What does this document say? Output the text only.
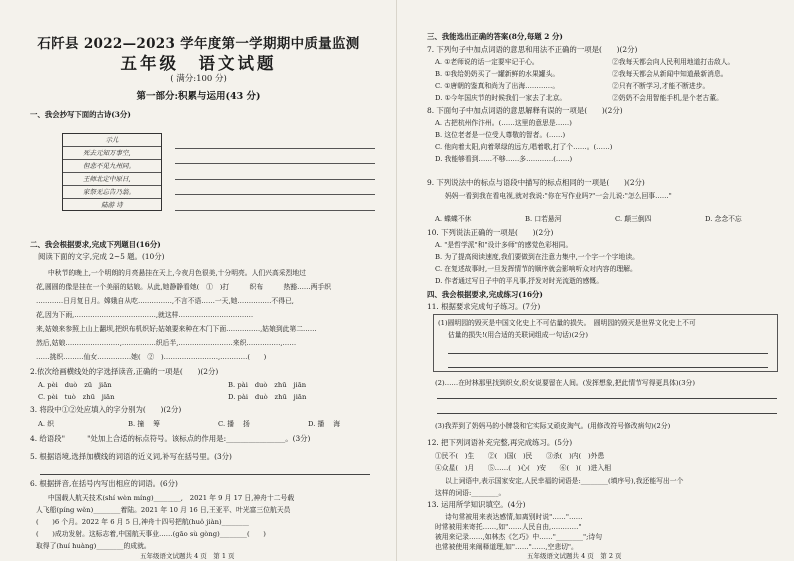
石阡县 2022—2023 学年度第一学期期中质量监测
五年级　语文试题
( 满分:100 分)
第一部分:积累与运用(43 分)
一、我会抄写下面的古诗(3分)
示儿
死去元知万事空,
但悲不见九州同。
王师北定中原日,
家祭无忘告乃翁。
陆游 诗
二、我会根据要求,完成下列题目(16分)
阅读下面的文字,完成 2~5 题。(10分)
中秋节的晚上,一个明朗的月亮悬挂在天上,今夜月色很美,十分明亮。人们兴高采烈地过
花,圆圆的像是挂在一个美丽的姑娘。从此,她静静看她(　①　)打　　　织布　　　热豁……两手织
…………日月复日月。嫦娥自从吃……………,不言不语……一天,她……………不得已,
花,因为下雨,………………………………,就这样……………………………
来,姑娘来参照上山上翻坝,把织布机织好;姑娘要来种在木门下面……………,姑娘到此第二……
然后,姑娘……………………,……………织后半,……………………来织……………,……
……挑织………仙女……………她(　②　)……………………,…………(　　)
2.依次给画横线处的字选择读音,正确的一项是(　　)(2分)
A. pèi　duò　zū　jiān	B. pài　duò　zhū　jiān
C. pèi　tuò　zhū　jiān	D. pài　duò　zhū　jiān
3. 将段中①②处应填入的字分别为(　　)(2分)
A. 织	B. 撞　 筹	C. 播　 扬	D. 播　 海
4. 给语段"　　　"处加上合适的标点符号。该标点的作用是:________________。(3分)
5. 根据语境,选择加横线的词语的近义词,补写在括号里。(3分)
6. 根据拼音,在括号内写出相应的词语。(6分)
中国载人航天技术(shí wèn míng)________,　2021 年 9 月 17 日,神舟十二号载
人飞船(píng wěn)________着陆。2021 年 10 月 16 日,王亚平、叶光富三位航天员
(　　)6 个月。2022 年 6 月 5 日,神舟十四号把航(huǒ jiàn)________
(　　)成功发射。这标志着,中国航天事业……(gāo sù gòng)________(　　)
取得了(huí huàng)________的成就。
五年级语文试题共 4 页　第 1 页
三、我能选出正确的答案(8分,每题 2 分)
7. 下列句子中加点词语的意思和用法不正确的一项是(　　)(2分)
A. ①老师说的话一定要牢记于心。	②我每天都会向人民利用地道打击敌人。
B. ①我给奶奶买了一罐新鲜的水果罐头。	②我每天都会从新闻中知道最新消息。
C. ①唐朝的鉴真和尚为了出海…………。	②只有不断学习,才能不断进步。
D. ①今年国庆节的时候我们一家去了北京。	②奶奶不会用智能手机,是个老古董。
8. 下面句子中加点词语的意思解释有误的一项是(　　)(2分)
A. 古把杭州作汴州。(……这里的意思是……)
B. 这位老者是一位受人尊敬的智者。(……)
C. 他向着太阳,向着翠绿的远方,唱着歌,打了个……。(……)
D. 我能够看到……不够……多…………(……)
9. 下列说法中的标点与语段中描写的标点相同的一项是(　　)(2分)
妈妈一看到我在看电视,就对我说:"你在写作业吗?"一会儿说:"怎么回事……"
A. 蝶蝶不休	B. 口若悬河	C. 颠三倒四	D. 念念不忘
10. 下列说法正确的一项是(　　)(2分)
A. "是哲学派"和"设计多师"的感觉色彩相同。
B. 为了提高阅读速度,我们要做到在注意力集中,一个字一个字地读。
C. 在复述故事时,一旦发挥情节的顺序就会影响听众对内容的理解。
D. 作者通过写日子中的平凡事,抒发对时光流逝的感慨。
四、我会根据要求,完成练习(16分)
11. 根据要求完成句子练习。(7分)
(1)圆明园的毁灭是中国文化史上不可估量的损失。　圆明园的毁灭是世界文化史上不可
估量的损失!(用合适的关联词组成一句话)(2分)
(2)……在时林那里找到织女,织女说要留在人间。(发挥想象,把此情节写得更具体)(3分)
(3)我弄到了奶妈马的小牌袋和它实际又顽皮淘气。(用修改符号修改病句)(2分)
12. 把下列词语补充完整,再完成练习。(5分)
①民不(　)生　　②(　)国(　)民　　③杀(　)内(　)外患
④众星(　)月　　⑤……(　)心(　)安　　⑥(　)(　)进入相
以上词语中,表示国家安定,人民幸福的词语是:________(填序号),我还能写出一个
这样的词语:________。
13. 运用所学知识填空。(4分)
诗句常被用来表达感情,如离别时说"……"……
时常被用来寄托……,如"……人民自由,…………"
被用来记录……,如林杰《乞巧》中……"________";诗句
也常被使用来阐释道理,如"……"……,空悲切"。
五年级语文试题共 4 页　第 2 页
